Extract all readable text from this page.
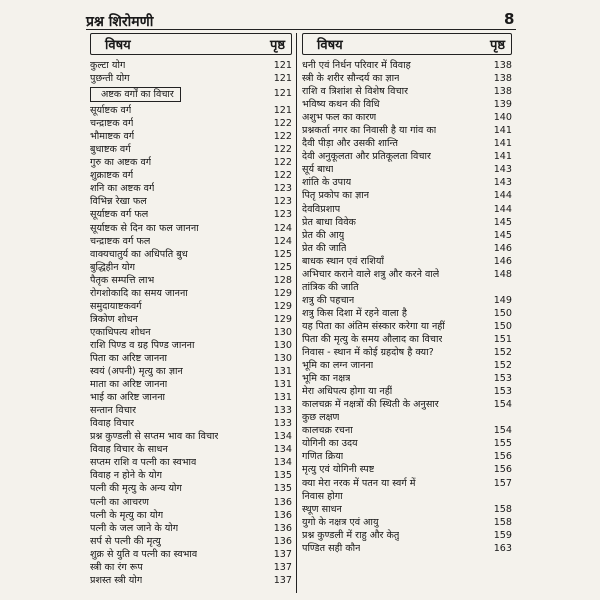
प्रश्न शिरोमणी	8
विषय	पृष्ठ
कुल्टा योग	121
पुछन्ती योग	121
अष्टक वर्गों का विचार	121
सूर्याष्टक वर्ग	121
चन्द्राष्टक वर्ग	122
भौमाष्टक वर्ग	122
बुधाष्टक वर्ग	122
गुरु का अष्टक वर्ग	122
शुक्राष्टक वर्ग	122
शनि का अष्टक वर्ग	123
विभिन्न रेखा फल	123
सूर्याष्टक वर्ग फल	123
सूर्याष्टक से दिन का फल जानना	124
चन्द्राष्टक वर्ग फल	124
वाक्यचातुर्य का अधिपति बुध	125
बुद्धिहीन योग	125
पैतृक सम्पत्ति लाभ	128
रोगशोकादि का समय जानना	129
समुदायाष्टकवर्ग	129
त्रिकोण शोधन	129
एकाधिपत्य शोधन	130
राशि पिण्ड व ग्रह पिण्ड जानना	130
पिता का अरिष्ट जानना	130
स्वयं (अपनी) मृत्यु का ज्ञान	131
माता का अरिष्ट जानना	131
भाई का अरिष्ट जानना	131
सन्तान विचार	133
विवाह विचार	133
प्रश्न कुण्डली से सप्तम भाव का विचार	134
विवाह विचार के साधन	134
सप्तम राशि व पत्नी का स्वभाव	134
विवाह न होने के योग	135
पत्नी की मृत्यु के अन्य योग	135
पत्नी का आचरण	136
पत्नी के मृत्यु का योग	136
पत्नी के जल जाने के योग	136
सर्प से पत्नी की मृत्यु	136
शुक्र से युति व पत्नी का स्वभाव	137
स्त्री का रंग रूप	137
प्रशस्त स्त्री योग	137
विषय	पृष्ठ
धनी एवं निर्धन परिवार में विवाह	138
स्त्री के शरीर सौन्दर्य का ज्ञान	138
राशि व त्रिशांश से विशेष विचार	138
भविष्य कथन की विधि	139
अशुभ फल का कारण	140
प्रश्नकर्ता नगर का निवासी है या गांव का	141
दैवी पीड़ा और उसकी शान्ति	141
देवी अनुकूलता और प्रतिकूलता विचार	141
सूर्य बाधा	143
शांति के उपाय	143
पितृ प्रकोप का ज्ञान	144
देवविप्रशाप	144
प्रेत बाधा विवेक	145
प्रेत की आयु	145
प्रेत की जाति	146
बाधक स्थान एवं राशियाँ	146
अभिचार कराने वाले शत्रु और करने वाले	148
तांत्रिक की जाति
शत्रु की पहचान	149
शत्रु किस दिशा में रहने वाला है	150
यह पिता का अंतिम संस्कार करेगा या नहीं	150
पिता की मृत्यु के समय औलाद का विचार	151
निवास - स्थान में कोई ग्रहदोष है क्या?	152
भूमि का लग्न जानना	152
भूमि का नक्षत्र	153
मेरा अधिपत्य होगा या नहीं	153
कालचक्र में नक्षत्रों की स्थिती के अनुसार	154
कुछ लक्षण
कालचक्र रचना	154
योगिनी का उदय	155
गणित क्रिया	156
मृत्यु एवं योगिनी स्पष्ट	156
क्या मेरा नरक में पतन या स्वर्ग में	157
निवास होगा
स्थूण साधन	158
युगो के नक्षत्र एवं आयु	158
प्रश्न कुण्डली में राहु और केतु	159
पण्डित सही कौन	163
